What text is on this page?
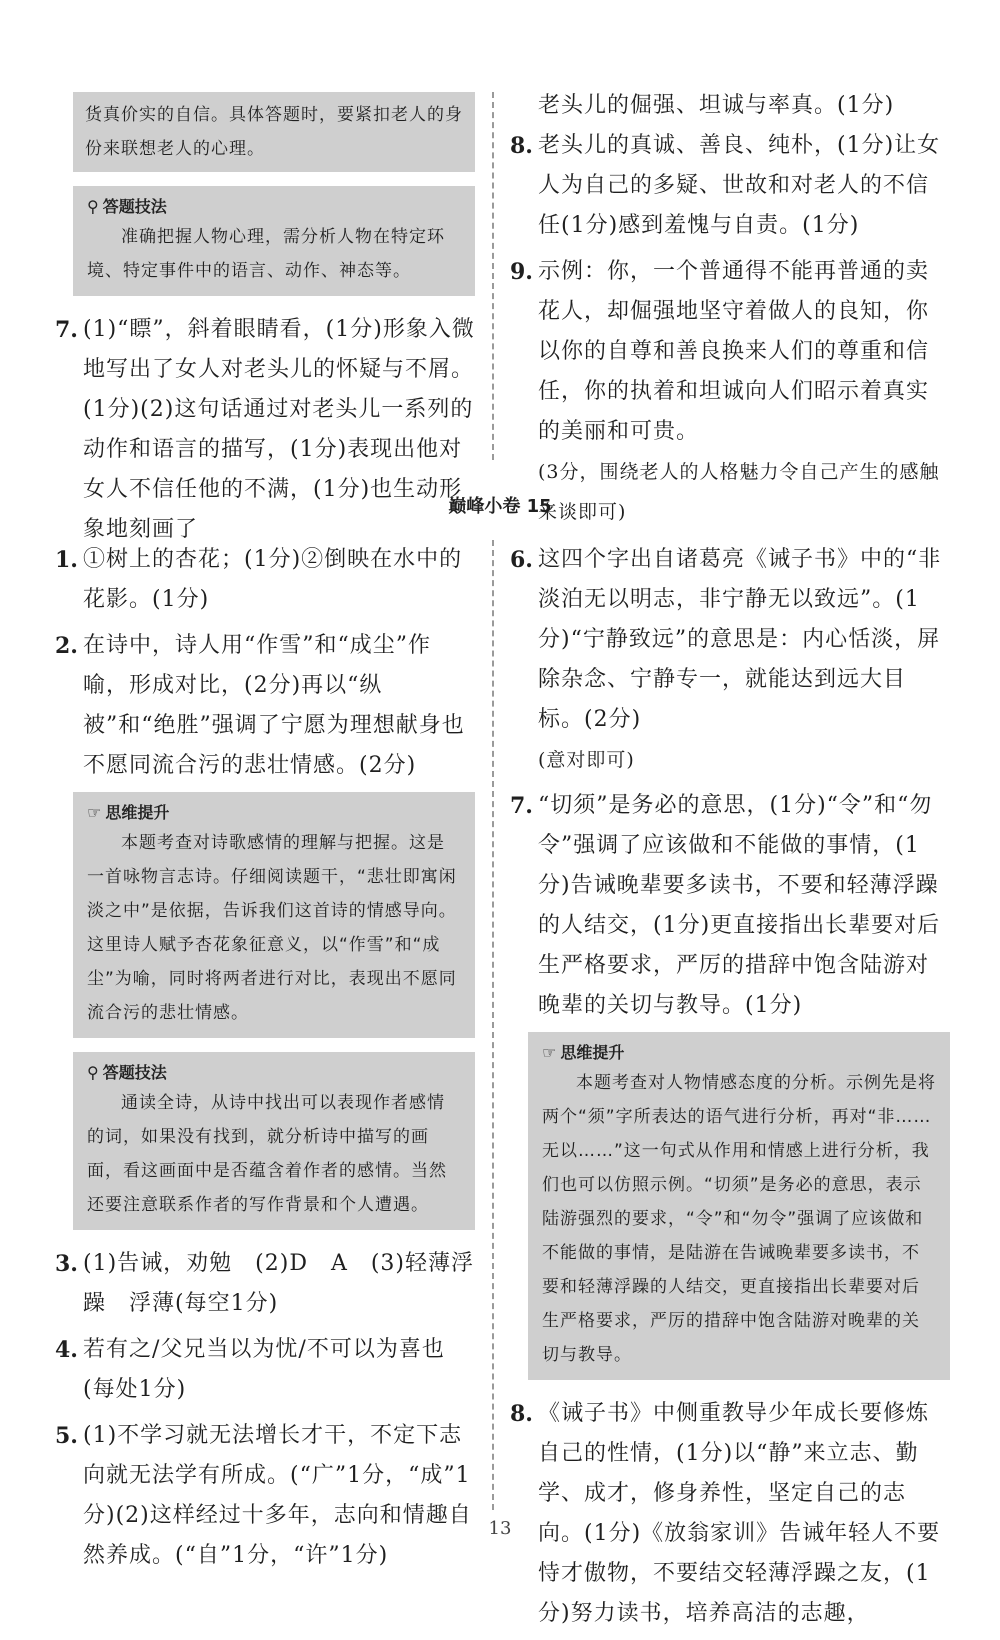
货真价实的自信。具体答题时，要紧扣老人的身份来联想老人的心理。

⚲ 答题技法

准确把握人物心理，需分析人物在特定环境、特定事件中的语言、动作、神态等。

7. (1)“瞟”，斜着眼睛看，(1分)形象入微地写出了女人对老头儿的怀疑与不屑。(1分)(2)这句话通过对老头儿一系列的动作和语言的描写，(1分)表现出他对女人不信任他的不满，(1分)也生动形象地刻画了

老头儿的倔强、坦诚与率真。(1分)

8. 老头儿的真诚、善良、纯朴，(1分)让女人为自己的多疑、世故和对老人的不信任(1分)感到羞愧与自责。(1分)

9. 示例：你，一个普通得不能再普通的卖花人，却倔强地坚守着做人的良知，你以你的自尊和善良换来人们的尊重和信任，你的执着和坦诚向人们昭示着真实的美丽和可贵。

(3分，围绕老人的人格魅力令自己产生的感触来谈即可)

巅峰小卷 15
1. ①树上的杏花；(1分)②倒映在水中的花影。(1分)

2. 在诗中，诗人用“作雪”和“成尘”作喻，形成对比，(2分)再以“纵被”和“绝胜”强调了宁愿为理想献身也不愿同流合污的悲壮情感。(2分)

☞ 思维提升

本题考查对诗歌感情的理解与把握。这是一首咏物言志诗。仔细阅读题干，“悲壮即寓闲淡之中”是依据，告诉我们这首诗的情感导向。这里诗人赋予杏花象征意义，以“作雪”和“成尘”为喻，同时将两者进行对比，表现出不愿同流合污的悲壮情感。

⚲ 答题技法

通读全诗，从诗中找出可以表现作者感情的词，如果没有找到，就分析诗中描写的画面，看这画面中是否蕴含着作者的感情。当然还要注意联系作者的写作背景和个人遭遇。

3. (1)告诫，劝勉　(2)D　A　(3)轻薄浮躁　浮薄(每空1分)

4. 若有之/父兄当以为忧/不可以为喜也(每处1分)

5. (1)不学习就无法增长才干，不定下志向就无法学有所成。(“广”1分，“成”1分)(2)这样经过十多年，志向和情趣自然养成。(“自”1分，“许”1分)

6. 这四个字出自诸葛亮《诫子书》中的“非淡泊无以明志，非宁静无以致远”。(1分)“宁静致远”的意思是：内心恬淡，屏除杂念、宁静专一，就能达到远大目标。(2分)

(意对即可)

7. “切须”是务必的意思，(1分)“令”和“勿令”强调了应该做和不能做的事情，(1分)告诫晚辈要多读书，不要和轻薄浮躁的人结交，(1分)更直接指出长辈要对后生严格要求，严厉的措辞中饱含陆游对晚辈的关切与教导。(1分)

☞ 思维提升

本题考查对人物情感态度的分析。示例先是将两个“须”字所表达的语气进行分析，再对“非……无以……”这一句式从作用和情感上进行分析，我们也可以仿照示例。“切须”是务必的意思，表示陆游强烈的要求，“令”和“勿令”强调了应该做和不能做的事情，是陆游在告诫晚辈要多读书，不要和轻薄浮躁的人结交，更直接指出长辈要对后生严格要求，严厉的措辞中饱含陆游对晚辈的关切与教导。

8. 《诫子书》中侧重教导少年成长要修炼自己的性情，(1分)以“静”来立志、勤学、成才，修身养性，坚定自己的志向。(1分)《放翁家训》告诫年轻人不要恃才傲物，不要结交轻薄浮躁之友，(1分)努力读书，培养高洁的志趣，

13
